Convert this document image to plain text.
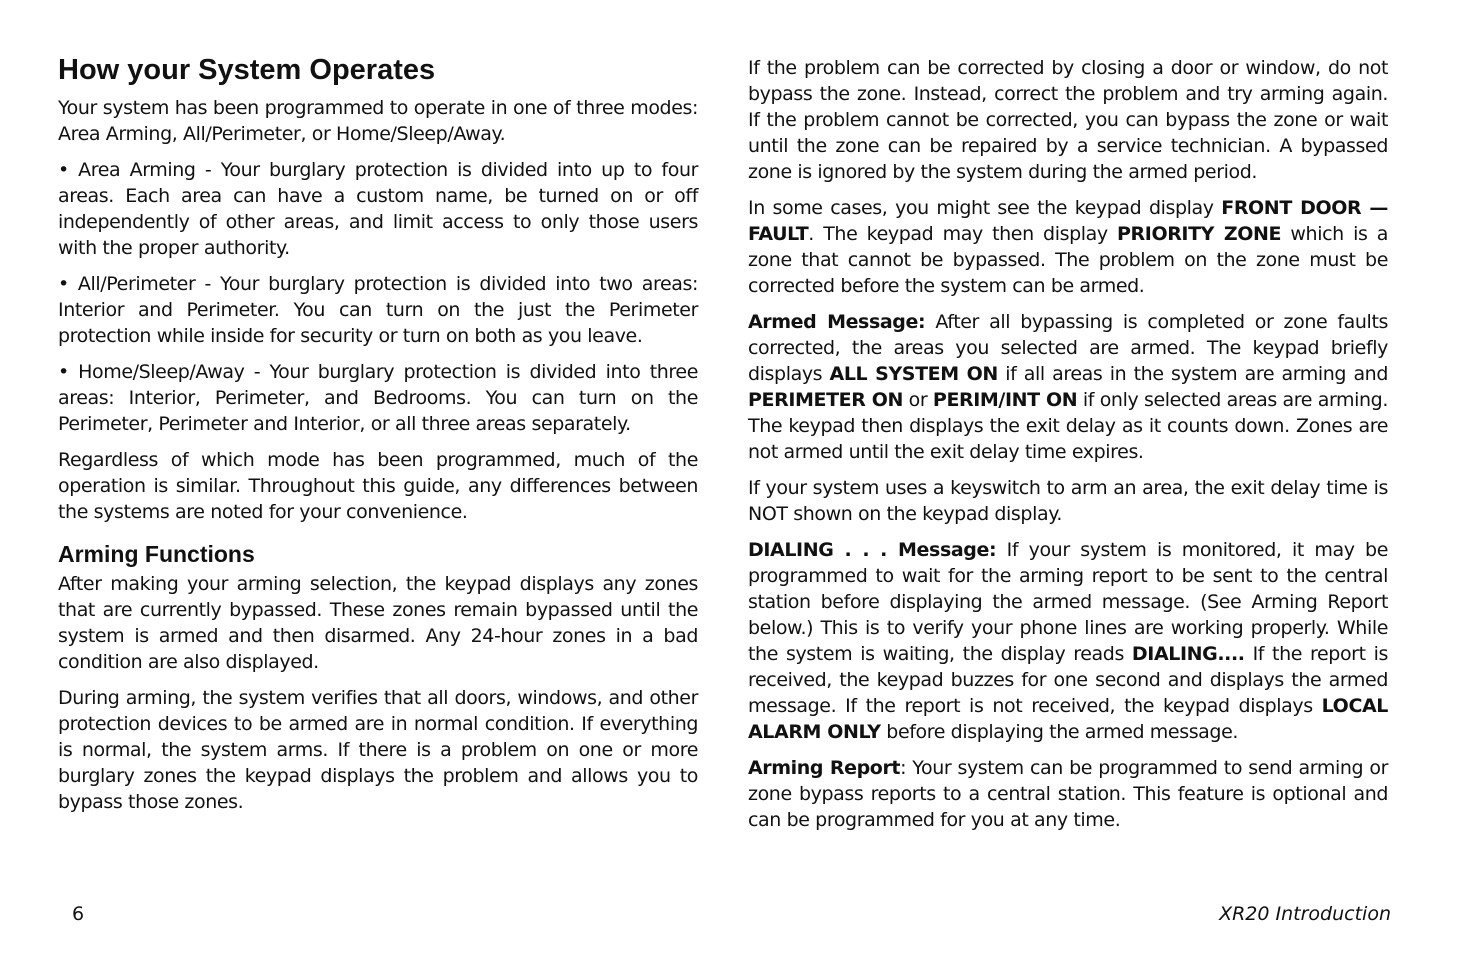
How your System Operates

Your system has been programmed to operate in one of three modes: Area Arming, All/Perimeter, or Home/Sleep/Away.

• Area Arming - Your burglary protection is divided into up to four areas. Each area can have a custom name, be turned on or off independently of other areas, and limit access to only those users with the proper authority.

• All/Perimeter - Your burglary protection is divided into two areas: Interior and Perimeter. You can turn on the just the Perimeter protection while inside for security or turn on both as you leave.

• Home/Sleep/Away - Your burglary protection is divided into three areas: Interior, Perimeter, and Bedrooms. You can turn on the Perimeter, Perimeter and Interior, or all three areas separately.

Regardless of which mode has been programmed, much of the operation is similar. Throughout this guide, any differences between the systems are noted for your convenience.

Arming Functions

After making your arming selection, the keypad displays any zones that are currently bypassed. These zones remain bypassed until the system is armed and then disarmed. Any 24-hour zones in a bad condition are also displayed.

During arming, the system verifies that all doors, windows, and other protection devices to be armed are in normal condition. If everything is normal, the system arms. If there is a problem on one or more burglary zones the keypad displays the problem and allows you to bypass those zones.

If the problem can be corrected by closing a door or window, do not bypass the zone. Instead, correct the problem and try arming again. If the problem cannot be corrected, you can bypass the zone or wait until the zone can be repaired by a service technician. A bypassed zone is ignored by the system during the armed period.

In some cases, you might see the keypad display FRONT DOOR — FAULT. The keypad may then display PRIORITY ZONE which is a zone that cannot be bypassed. The problem on the zone must be corrected before the system can be armed.

Armed Message: After all bypassing is completed or zone faults corrected, the areas you selected are armed. The keypad briefly displays ALL SYSTEM ON if all areas in the system are arming and PERIMETER ON or PERIM/INT ON if only selected areas are arming. The keypad then displays the exit delay as it counts down. Zones are not armed until the exit delay time expires.

If your system uses a keyswitch to arm an area, the exit delay time is NOT shown on the keypad display.

DIALING . . . Message: If your system is monitored, it may be programmed to wait for the arming report to be sent to the central station before displaying the armed message. (See Arming Report below.) This is to verify your phone lines are working properly. While the system is waiting, the display reads DIALING.... If the report is received, the keypad buzzes for one second and displays the armed message. If the report is not received, the keypad displays LOCAL ALARM ONLY before displaying the armed message.

Arming Report: Your system can be programmed to send arming or zone bypass reports to a central station. This feature is optional and can be programmed for you at any time.

6	XR20 Introduction
